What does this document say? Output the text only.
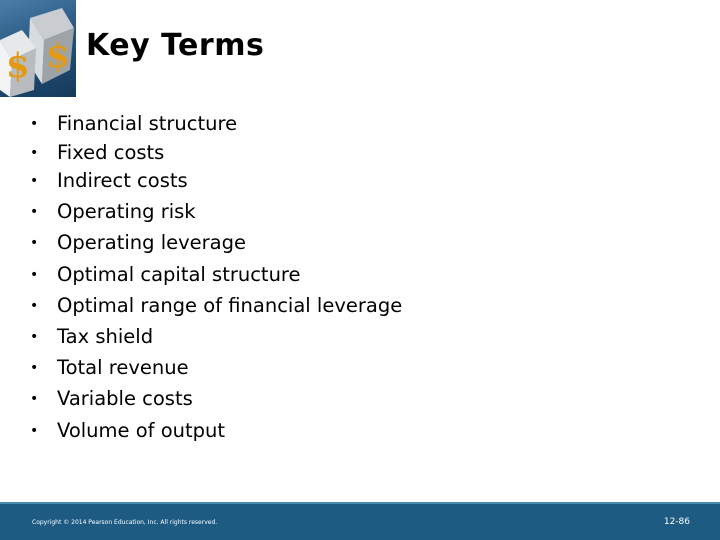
$
$
Key Terms
• Financial structure
• Fixed costs
• Indirect costs
• Operating risk
• Operating leverage
• Optimal capital structure
• Optimal range of financial leverage
• Tax shield
• Total revenue
• Variable costs
• Volume of output
Copyright © 2014 Pearson Education, Inc. All rights reserved.	12-86
